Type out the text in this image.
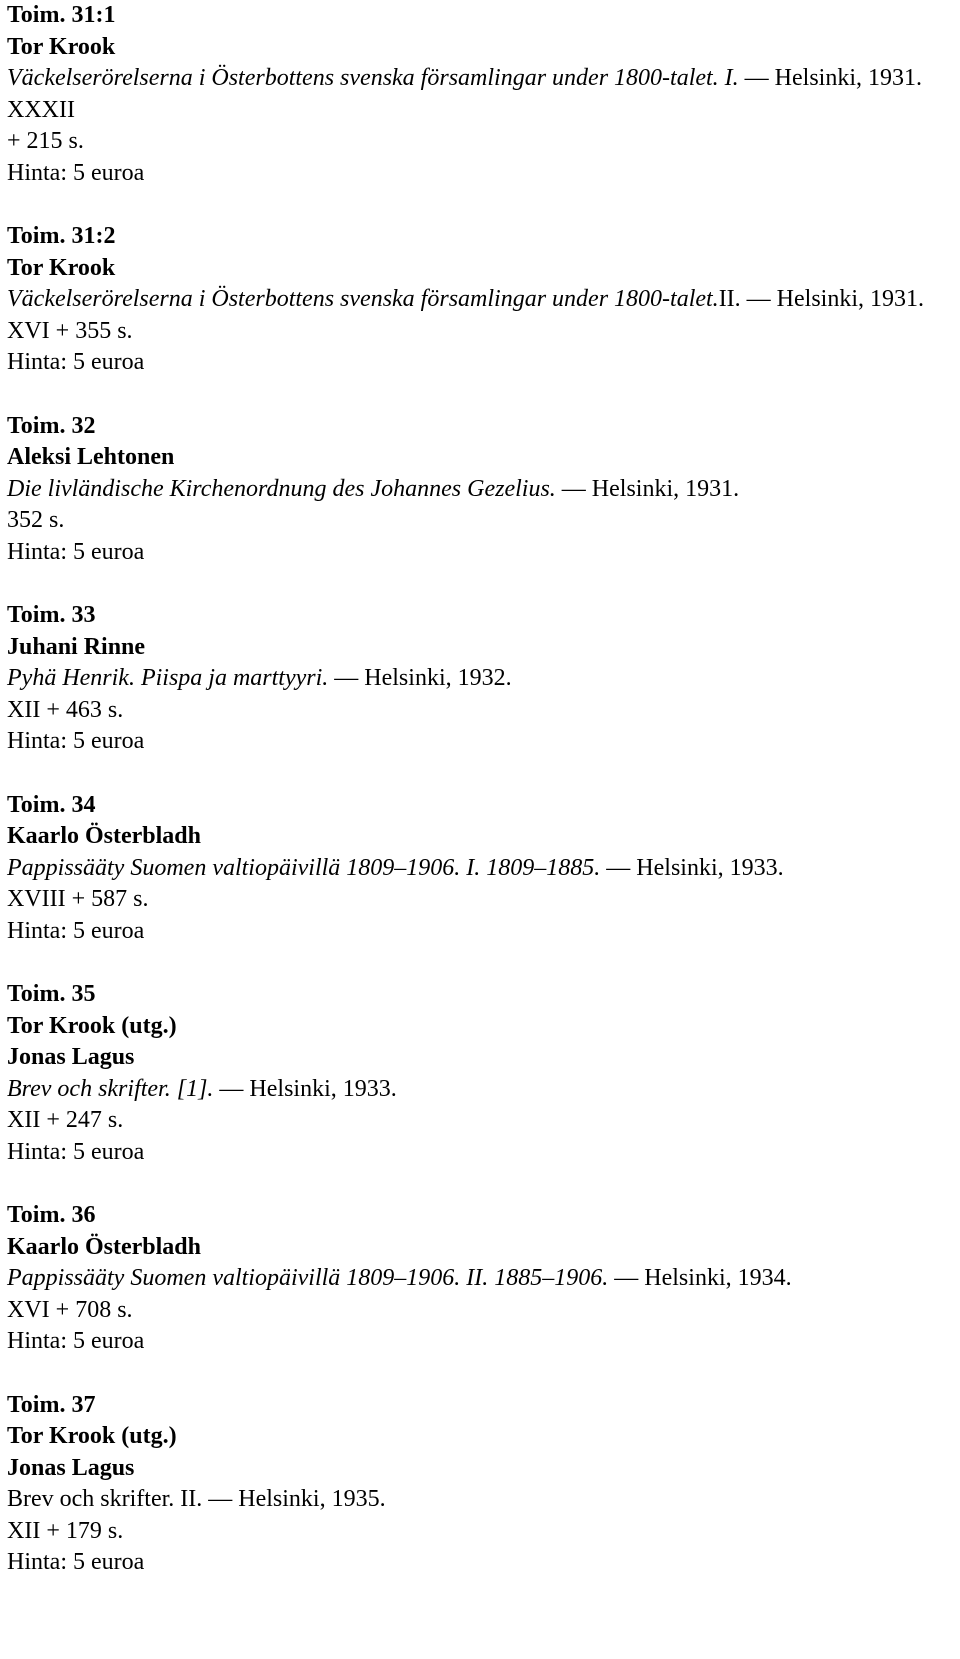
Toim. 31:1
Tor Krook
Väckelserörelserna i Österbottens svenska församlingar under 1800-talet. I. — Helsinki, 1931.
XXXII
+ 215 s.
Hinta: 5 euroa
Toim. 31:2
Tor Krook
Väckelserörelserna i Österbottens svenska församlingar under 1800-talet.II. — Helsinki, 1931.
XVI + 355 s.
Hinta: 5 euroa
Toim. 32
Aleksi Lehtonen
Die livländische Kirchenordnung des Johannes Gezelius. — Helsinki, 1931.
352 s.
Hinta: 5 euroa
Toim. 33
Juhani Rinne
Pyhä Henrik. Piispa ja marttyyri. — Helsinki, 1932.
XII + 463 s.
Hinta: 5 euroa
Toim. 34
Kaarlo Österbladh
Pappissääty Suomen valtiopäivillä 1809–1906. I. 1809–1885. — Helsinki, 1933.
XVIII + 587 s.
Hinta: 5 euroa
Toim. 35
Tor Krook (utg.)
Jonas Lagus
Brev och skrifter. [1]. — Helsinki, 1933.
XII + 247 s.
Hinta: 5 euroa
Toim. 36
Kaarlo Österbladh
Pappissääty Suomen valtiopäivillä 1809–1906. II. 1885–1906. — Helsinki, 1934.
XVI + 708 s.
Hinta: 5 euroa
Toim. 37
Tor Krook (utg.)
Jonas Lagus
Brev och skrifter. II. — Helsinki, 1935.
XII + 179 s.
Hinta: 5 euroa
